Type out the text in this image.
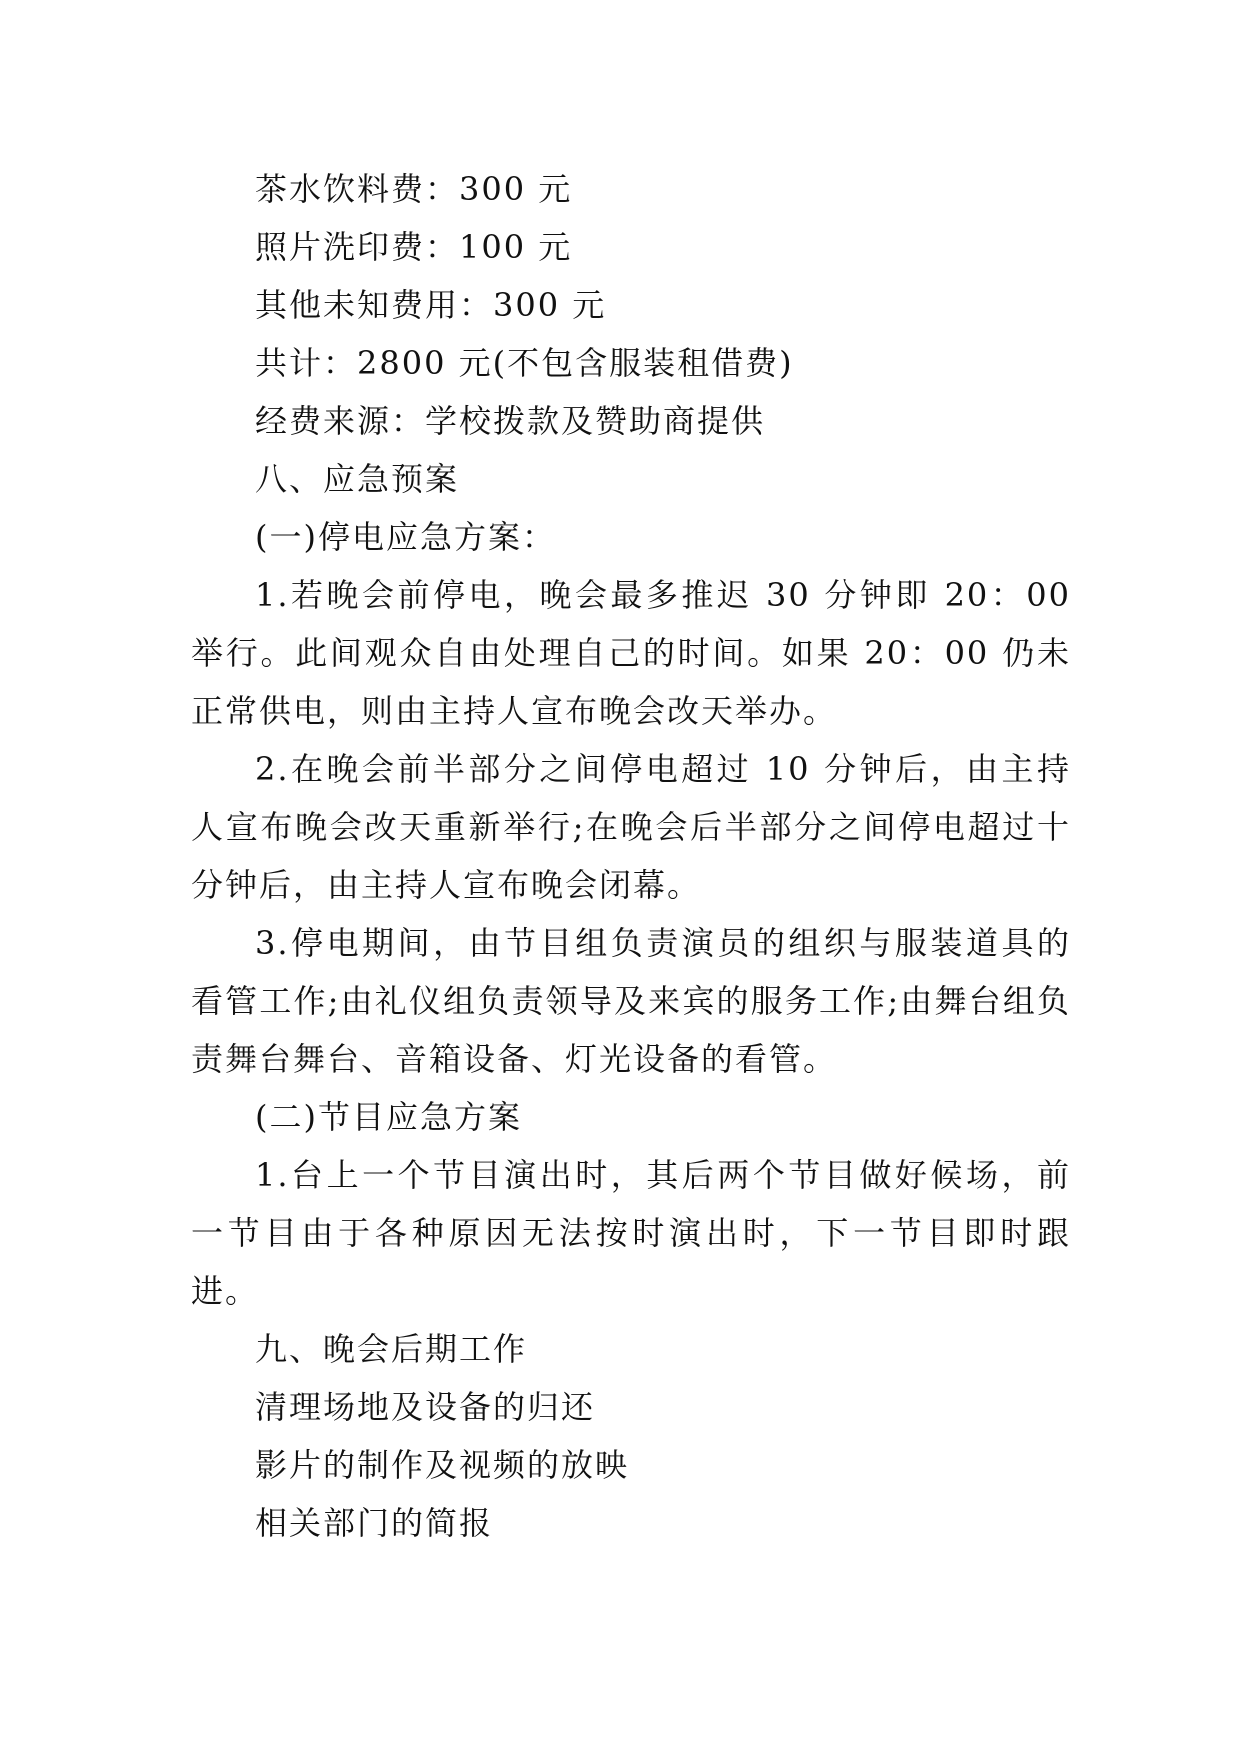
茶水饮料费：300 元

照片洗印费：100 元

其他未知费用：300 元

共计：2800 元(不包含服装租借费)

经费来源：学校拨款及赞助商提供

八、应急预案

(一)停电应急方案：

1.若晚会前停电，晚会最多推迟 30 分钟即 20：00 举行。此间观众自由处理自己的时间。如果 20：00 仍未正常供电，则由主持人宣布晚会改天举办。

2.在晚会前半部分之间停电超过 10 分钟后，由主持人宣布晚会改天重新举行;在晚会后半部分之间停电超过十分钟后，由主持人宣布晚会闭幕。

3.停电期间，由节目组负责演员的组织与服装道具的看管工作;由礼仪组负责领导及来宾的服务工作;由舞台组负责舞台舞台、音箱设备、灯光设备的看管。

(二)节目应急方案

1.台上一个节目演出时，其后两个节目做好候场，前一节目由于各种原因无法按时演出时，下一节目即时跟进。

九、晚会后期工作

清理场地及设备的归还

影片的制作及视频的放映

相关部门的简报
